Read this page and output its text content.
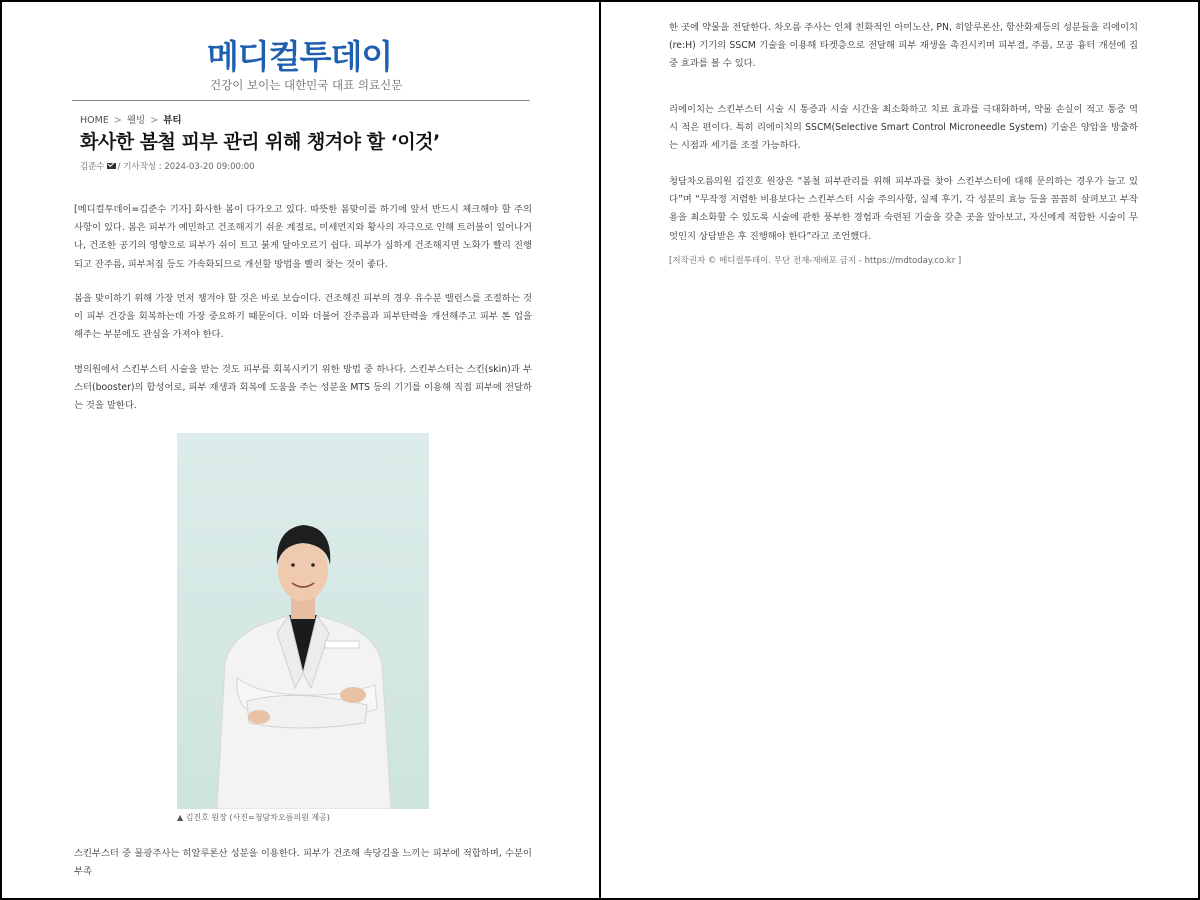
메디컬투데이
건강이 보이는 대한민국 대표 의료신문
HOME > 웰빙 > 뷰티
화사한 봄철 피부 관리 위해 챙겨야 할 ‘이것’
김준수 / 기사작성 : 2024-03-20 09:00:00

[메디컬투데이=김준수 기자] 화사한 봄이 다가오고 있다. 따뜻한 봄맞이를 하기에 앞서 반드시 체크해야 할 주의사항이 있다. 봄은 피부가 예민하고 건조해지기 쉬운 계절로, 미세먼지와 황사의 자극으로 인해 트러블이 일어나거나, 건조한 공기의 영향으로 피부가 쉬이 트고 붉게 달아오르기 쉽다. 피부가 심하게 건조해지면 노화가 빨리 진행되고 잔주름, 피부처짐 등도 가속화되므로 개선할 방법을 빨리 찾는 것이 좋다.

봄을 맞이하기 위해 가장 먼저 챙겨야 할 것은 바로 보습이다. 건조해진 피부의 경우 유수분 밸런스를 조절하는 것이 피부 건강을 회복하는데 가장 중요하기 때문이다. 이와 더불어 잔주름과 피부탄력을 개선해주고 피부 톤 업을 해주는 부분에도 관심을 가져야 한다.

병의원에서 스킨부스터 시술을 받는 것도 피부를 회복시키기 위한 방법 중 하나다. 스킨부스터는 스킨(skin)과 부스터(booster)의 합성어로, 피부 재생과 회복에 도움을 주는 성분을 MTS 등의 기기를 이용해 직접 피부에 전달하는 것을 말한다.

▲ 김진호 원장 (사진=청담차오름의원 제공)

스킨부스터 중 물광주사는 히알루론산 성분을 이용한다. 피부가 건조해 속당김을 느끼는 피부에 적합하며, 수분이 부족

한 곳에 약물을 전달한다. 차오름 주사는 인체 친화적인 아미노산, PN, 히알루론산, 항산화제등의 성분들을 리에이치(re:H) 기기의 SSCM 기술을 이용해 타겟층으로 전달해 피부 재생을 촉진시키며 피부결, 주름, 모공 흉터 개선에 집중 효과를 볼 수 있다.

리에이치는 스킨부스터 시술 시 통증과 시술 시간을 최소화하고 치료 효과를 극대화하며, 약물 손실이 적고 통증 역시 적은 편이다. 특히 리에이치의 SSCM(Selective Smart Control Microneedle System) 기술은 양압을 방출하는 시점과 세기를 조절 가능하다.

청담차오름의원 김진호 원장은 “봄철 피부관리를 위해 피부과를 찾아 스킨부스터에 대해 문의하는 경우가 늘고 있다”며 “무작정 저렴한 비용보다는 스킨부스터 시술 주의사항, 실제 후기, 각 성분의 효능 등을 꼼꼼히 살펴보고 부작용을 최소화할 수 있도록 시술에 관한 풍부한 경험과 숙련된 기술을 갖춘 곳을 알아보고, 자신에게 적합한 시술이 무엇인지 상담받은 후 진행해야 한다”라고 조언했다.

[저작권자 © 메디컬투데이. 무단 전재-재배포 금지 - https://mdtoday.co.kr ]
